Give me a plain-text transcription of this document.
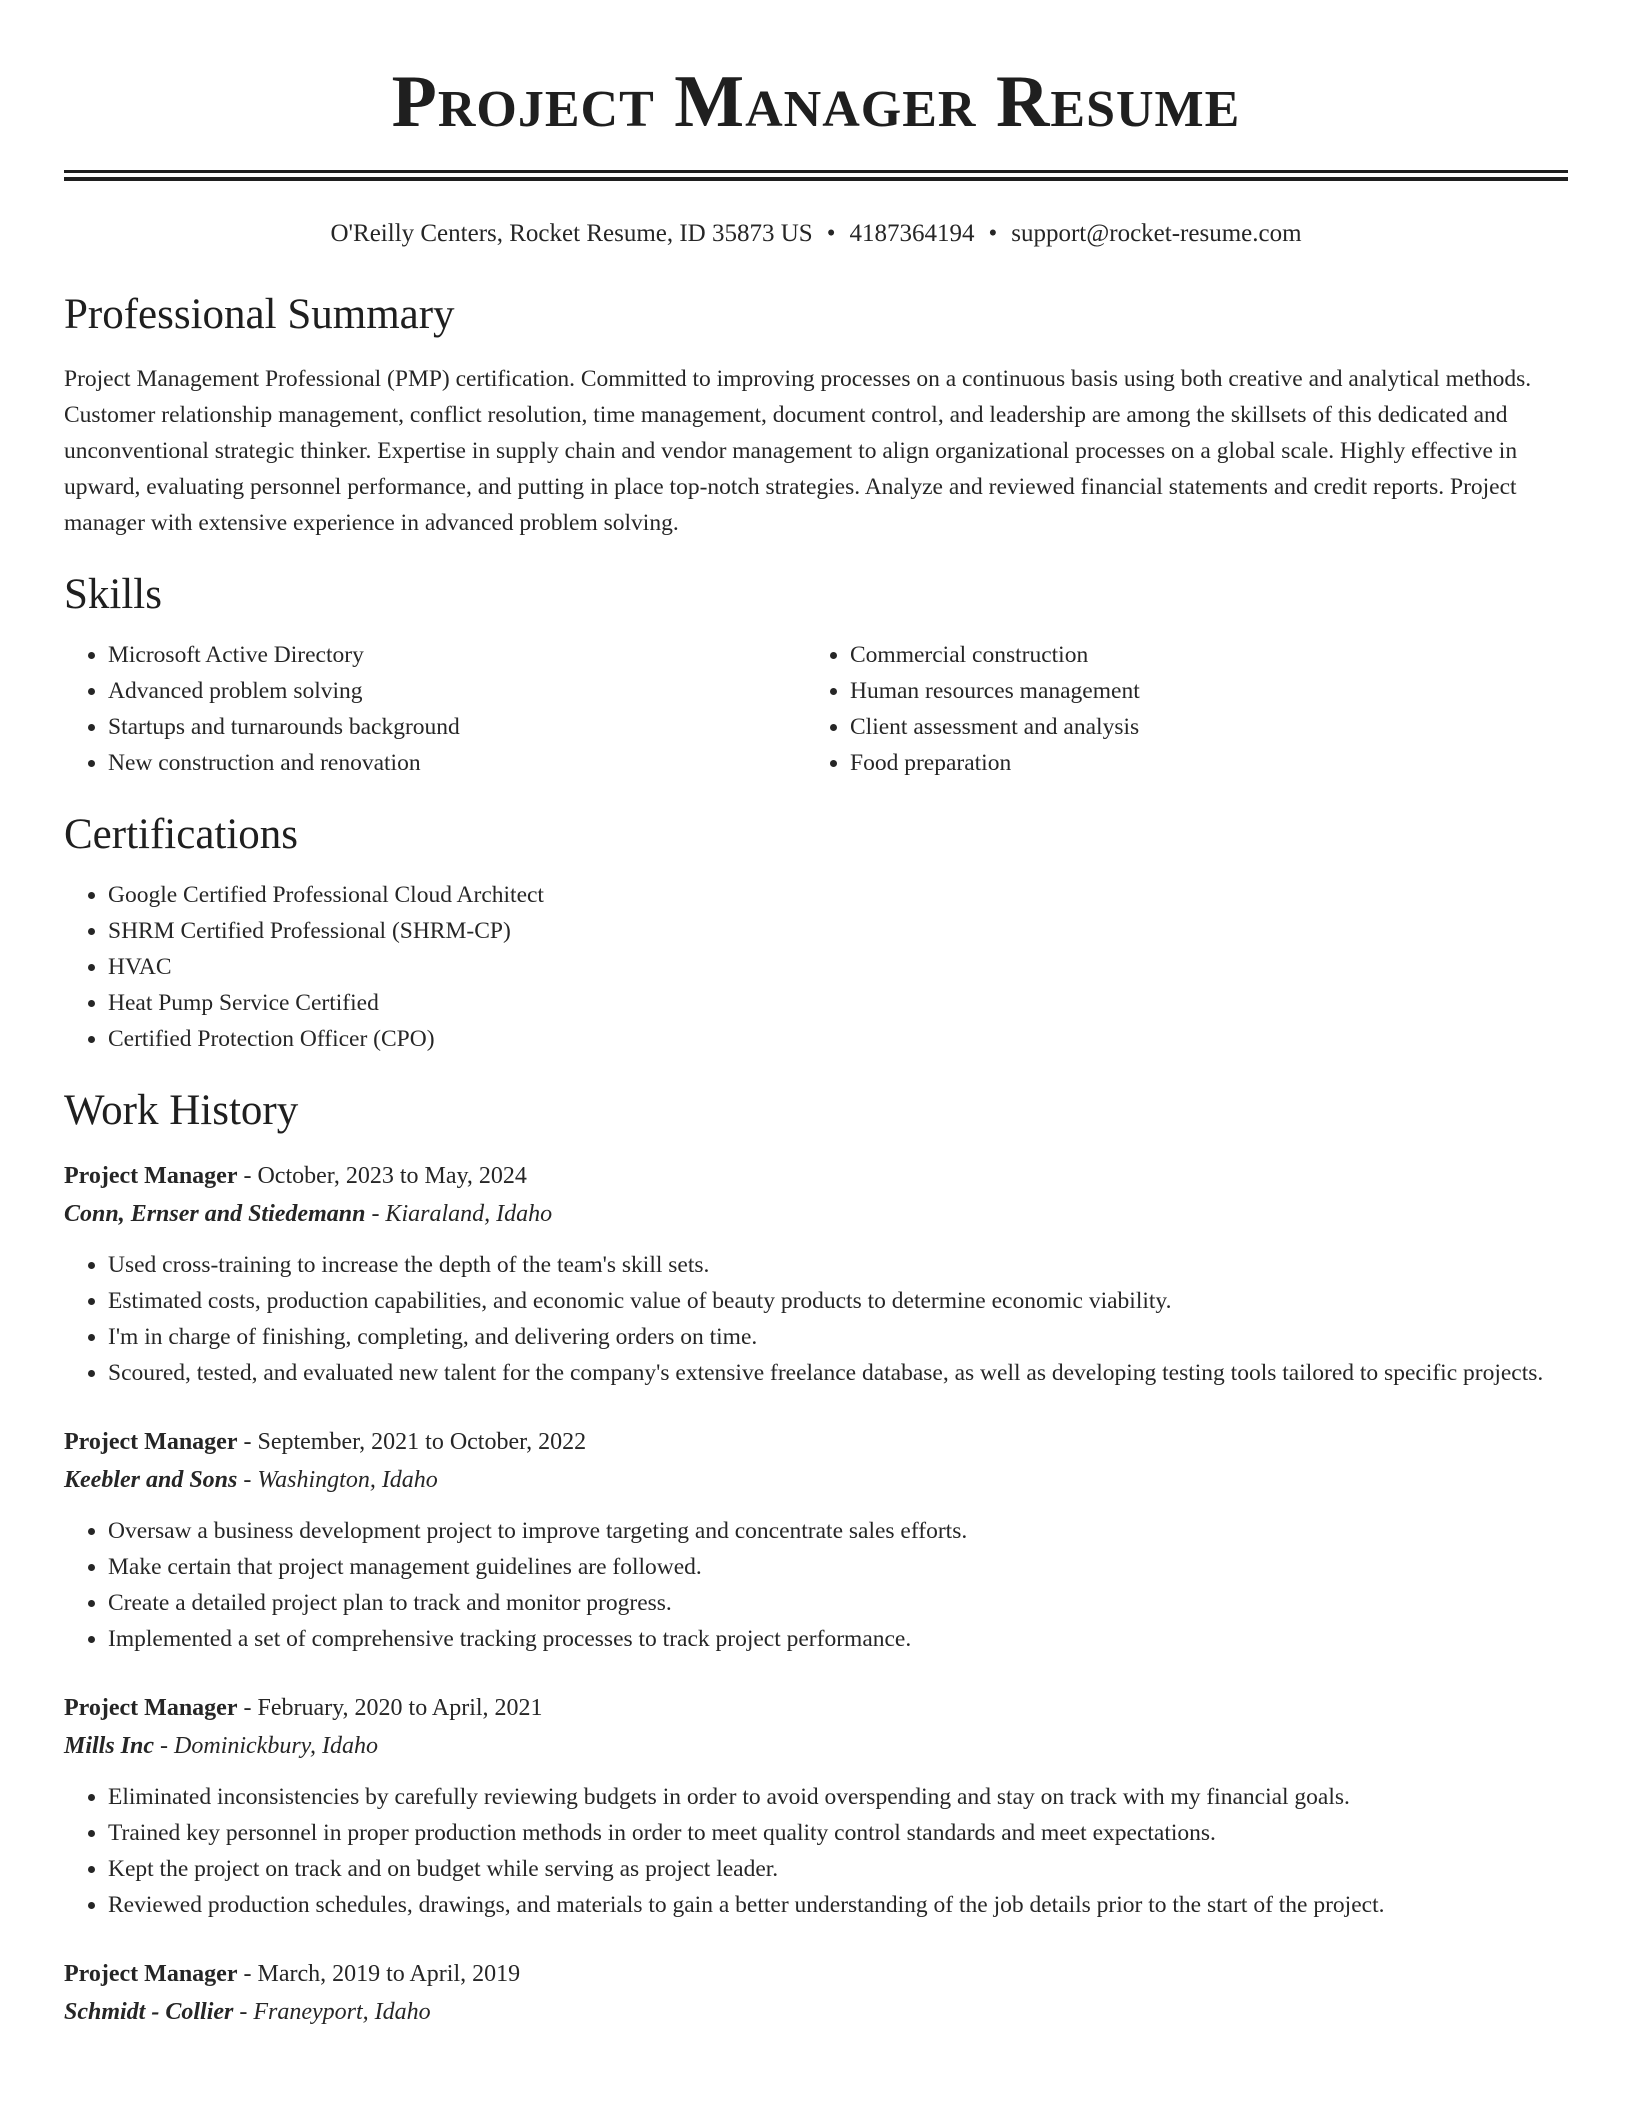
Project Manager Resume
O'Reilly Centers, Rocket Resume, ID 35873 US • 4187364194 • support@rocket-resume.com
Professional Summary

Project Management Professional (PMP) certification. Committed to improving processes on a continuous basis using both creative and analytical methods. Customer relationship management, conflict resolution, time management, document control, and leadership are among the skillsets of this dedicated and unconventional strategic thinker. Expertise in supply chain and vendor management to align organizational processes on a global scale. Highly effective in upward, evaluating personnel performance, and putting in place top-notch strategies. Analyze and reviewed financial statements and credit reports. Project manager with extensive experience in advanced problem solving.

Skills
• Microsoft Active Directory
• Advanced problem solving
• Startups and turnarounds background
• New construction and renovation
• Commercial construction
• Human resources management
• Client assessment and analysis
• Food preparation
Certifications
• Google Certified Professional Cloud Architect
• SHRM Certified Professional (SHRM-CP)
• HVAC
• Heat Pump Service Certified
• Certified Protection Officer (CPO)
Work History
Project Manager - October, 2023 to May, 2024
Conn, Ernser and Stiedemann - Kiaraland, Idaho
• Used cross-training to increase the depth of the team's skill sets.
• Estimated costs, production capabilities, and economic value of beauty products to determine economic viability.
• I'm in charge of finishing, completing, and delivering orders on time.
• Scoured, tested, and evaluated new talent for the company's extensive freelance database, as well as developing testing tools tailored to specific projects.
Project Manager - September, 2021 to October, 2022
Keebler and Sons - Washington, Idaho
• Oversaw a business development project to improve targeting and concentrate sales efforts.
• Make certain that project management guidelines are followed.
• Create a detailed project plan to track and monitor progress.
• Implemented a set of comprehensive tracking processes to track project performance.
Project Manager - February, 2020 to April, 2021
Mills Inc - Dominickbury, Idaho
• Eliminated inconsistencies by carefully reviewing budgets in order to avoid overspending and stay on track with my financial goals.
• Trained key personnel in proper production methods in order to meet quality control standards and meet expectations.
• Kept the project on track and on budget while serving as project leader.
• Reviewed production schedules, drawings, and materials to gain a better understanding of the job details prior to the start of the project.
Project Manager - March, 2019 to April, 2019
Schmidt - Collier - Franeyport, Idaho
